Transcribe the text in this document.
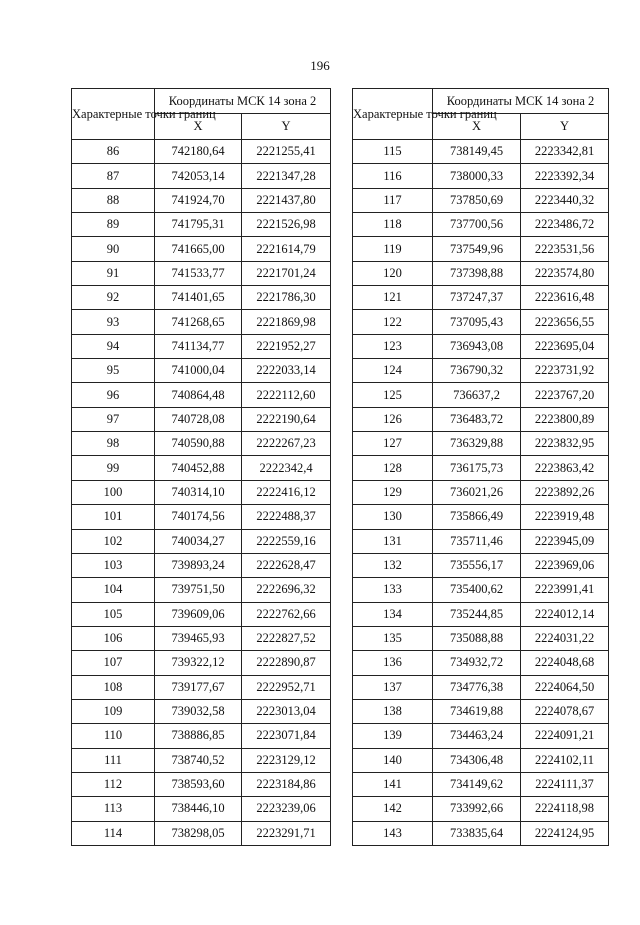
196
Характерные точки границ	Координаты МСК 14 зона 2	
	X	Y
86	742180,64	2221255,41
87	742053,14	2221347,28
88	741924,70	2221437,80
89	741795,31	2221526,98
90	741665,00	2221614,79
91	741533,77	2221701,24
92	741401,65	2221786,30
93	741268,65	2221869,98
94	741134,77	2221952,27
95	741000,04	2222033,14
96	740864,48	2222112,60
97	740728,08	2222190,64
98	740590,88	2222267,23
99	740452,88	2222342,4
100	740314,10	2222416,12
101	740174,56	2222488,37
102	740034,27	2222559,16
103	739893,24	2222628,47
104	739751,50	2222696,32
105	739609,06	2222762,66
106	739465,93	2222827,52
107	739322,12	2222890,87
108	739177,67	2222952,71
109	739032,58	2223013,04
110	738886,85	2223071,84
111	738740,52	2223129,12
112	738593,60	2223184,86
113	738446,10	2223239,06
114	738298,05	2223291,71
Характерные точки границ	Координаты МСК 14 зона 2	
	X	Y
115	738149,45	2223342,81
116	738000,33	2223392,34
117	737850,69	2223440,32
118	737700,56	2223486,72
119	737549,96	2223531,56
120	737398,88	2223574,80
121	737247,37	2223616,48
122	737095,43	2223656,55
123	736943,08	2223695,04
124	736790,32	2223731,92
125	736637,2	2223767,20
126	736483,72	2223800,89
127	736329,88	2223832,95
128	736175,73	2223863,42
129	736021,26	2223892,26
130	735866,49	2223919,48
131	735711,46	2223945,09
132	735556,17	2223969,06
133	735400,62	2223991,41
134	735244,85	2224012,14
135	735088,88	2224031,22
136	734932,72	2224048,68
137	734776,38	2224064,50
138	734619,88	2224078,67
139	734463,24	2224091,21
140	734306,48	2224102,11
141	734149,62	2224111,37
142	733992,66	2224118,98
143	733835,64	2224124,95
